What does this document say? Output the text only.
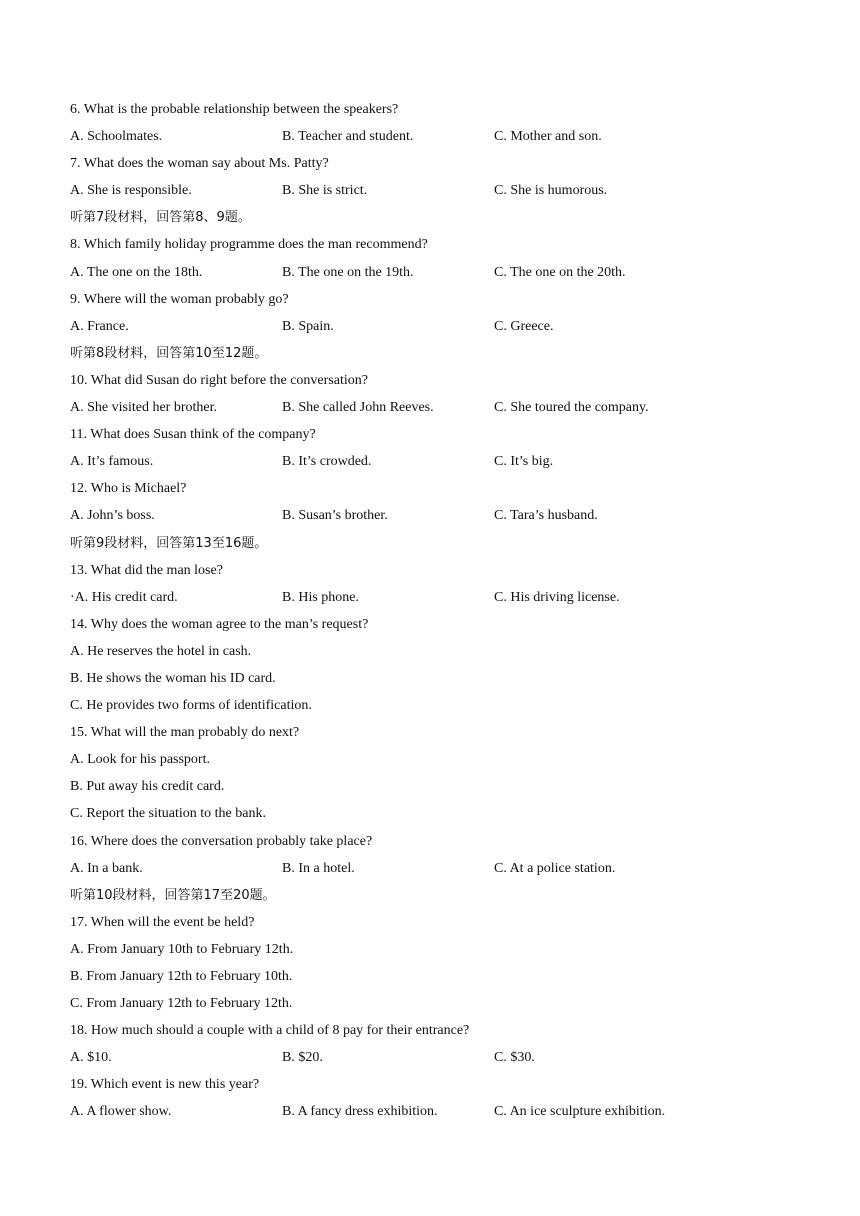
6. What is the probable relationship between the speakers?
A. Schoolmates.	B. Teacher and student.	C. Mother and son.
7. What does the woman say about Ms. Patty?
A. She is responsible.	B. She is strict.	C. She is humorous.
听第7段材料，回答第8、9题。
8. Which family holiday programme does the man recommend?
A. The one on the 18th.	B. The one on the 19th.	C. The one on the 20th.
9. Where will the woman probably go?
A. France.	B. Spain.	C. Greece.
听第8段材料，回答第10至12题。
10. What did Susan do right before the conversation?
A. She visited her brother.	B. She called John Reeves.	C. She toured the company.
11. What does Susan think of the company?
A. It’s famous.	B. It’s crowded.	C. It’s big.
12. Who is Michael?
A. John’s boss.	B. Susan’s brother.	C. Tara’s husband.
听第9段材料，回答第13至16题。
13. What did the man lose?
·A. His credit card.	B. His phone.	C. His driving license.
14. Why does the woman agree to the man’s request?
A. He reserves the hotel in cash.
B. He shows the woman his ID card.
C. He provides two forms of identification.
15. What will the man probably do next?
A. Look for his passport.
B. Put away his credit card.
C. Report the situation to the bank.
16. Where does the conversation probably take place?
A. In a bank.	B. In a hotel.	C. At a police station.
听第10段材料，回答第17至20题。
17. When will the event be held?
A. From January 10th to February 12th.
B. From January 12th to February 10th.
C. From January 12th to February 12th.
18. How much should a couple with a child of 8 pay for their entrance?
A. $10.	B. $20.	C. $30.
19. Which event is new this year?
A. A flower show.	B. A fancy dress exhibition.	C. An ice sculpture exhibition.
